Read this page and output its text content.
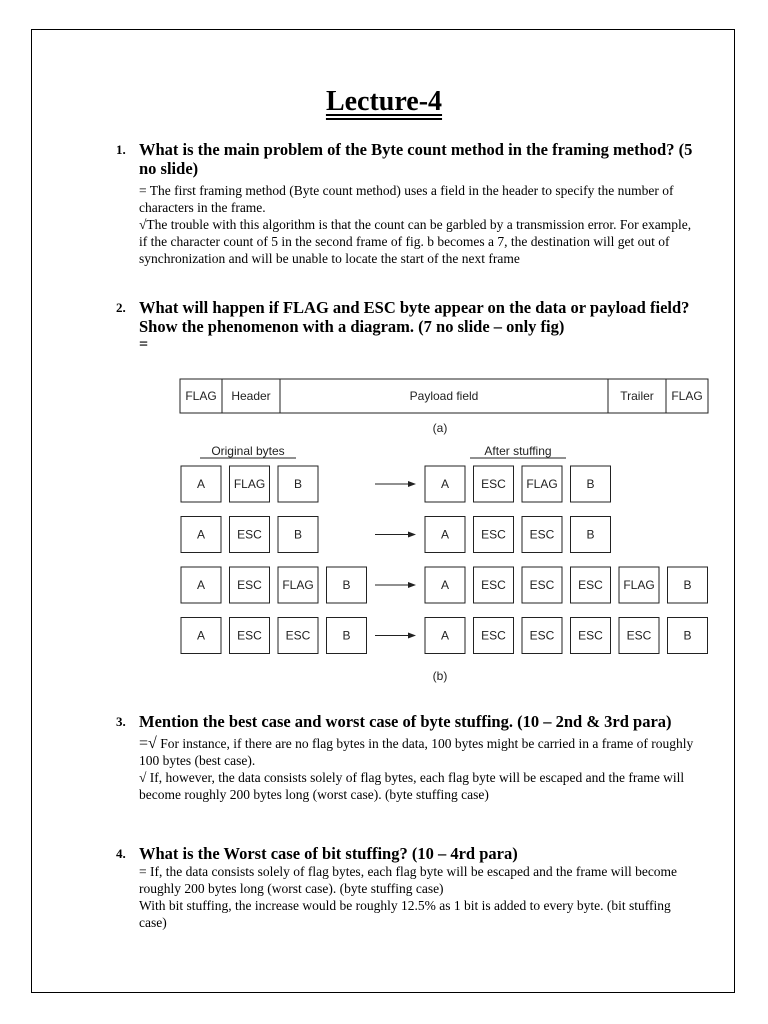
Lecture-4
1. What is the main problem of the Byte count method in the framing method? (5 no slide)

= The first framing method (Byte count method) uses a field in the header to specify the number of characters in the frame.

√The trouble with this algorithm is that the count can be garbled by a transmission error. For example, if the character count of 5 in the second frame of fig. b becomes a 7, the destination will get out of synchronization and will be unable to locate the start of the next frame

2. What will happen if FLAG and ESC byte appear on the data or payload field? Show the phenomenon with a diagram. (7 no slide – only fig)
=
FLAG Header	Payload field	Trailer FLAG
(a)
Original bytes	After stuffing
A FLAG B	A	ESC FLAG B
A	ESC	B	A	ESC ESC	B
A	ESC FLAG B	A	ESC ESC ESC FLAG B
A	ESC ESC	B	A	ESC ESC ESC ESC	B
(b)
3. Mention the best case and worst case of byte stuffing. (10 – 2nd & 3rd para)

=√ For instance, if there are no flag bytes in the data, 100 bytes might be carried in a frame of roughly 100 bytes (best case).

√ If, however, the data consists solely of flag bytes, each flag byte will be escaped and the frame will become roughly 200 bytes long (worst case). (byte stuffing case)

4. What is the Worst case of bit stuffing? (10 – 4rd para)

= If, the data consists solely of flag bytes, each flag byte will be escaped and the frame will become roughly 200 bytes long (worst case). (byte stuffing case)

With bit stuffing, the increase would be roughly 12.5% as 1 bit is added to every byte. (bit stuffing case)
